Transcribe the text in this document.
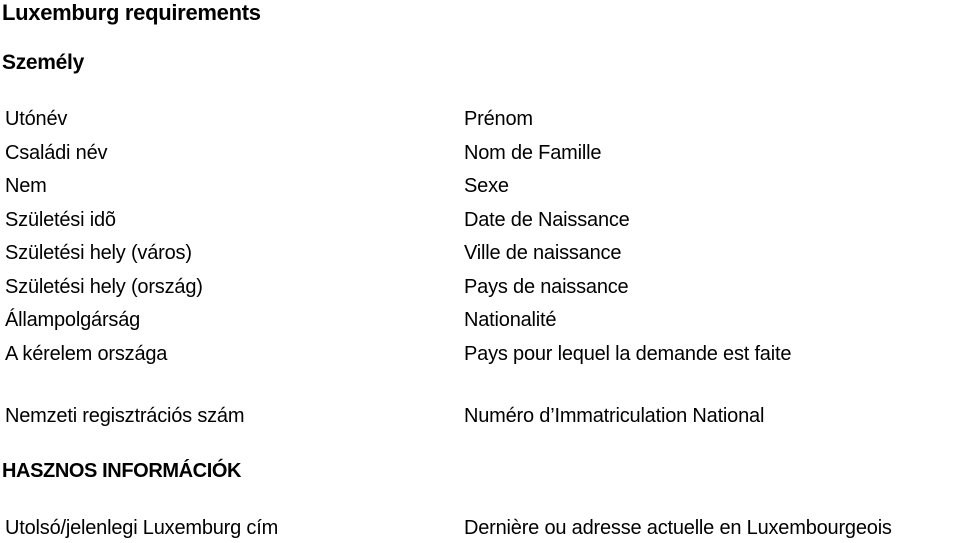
Luxemburg requirements
Személy
Utónév	Prénom
Családi név	Nom de Famille
Nem	Sexe
Születési idõ	Date de Naissance
Születési hely (város)	Ville de naissance
Születési hely (ország)	Pays de naissance
Állampolgárság	Nationalité
A kérelem országa	Pays pour lequel la demande est faite
Nemzeti regisztrációs szám	Numéro d’Immatriculation National
HASZNOS INFORMÁCIÓK
Utolsó/jelenlegi Luxemburg cím	Dernière ou adresse actuelle en Luxembourgeois
